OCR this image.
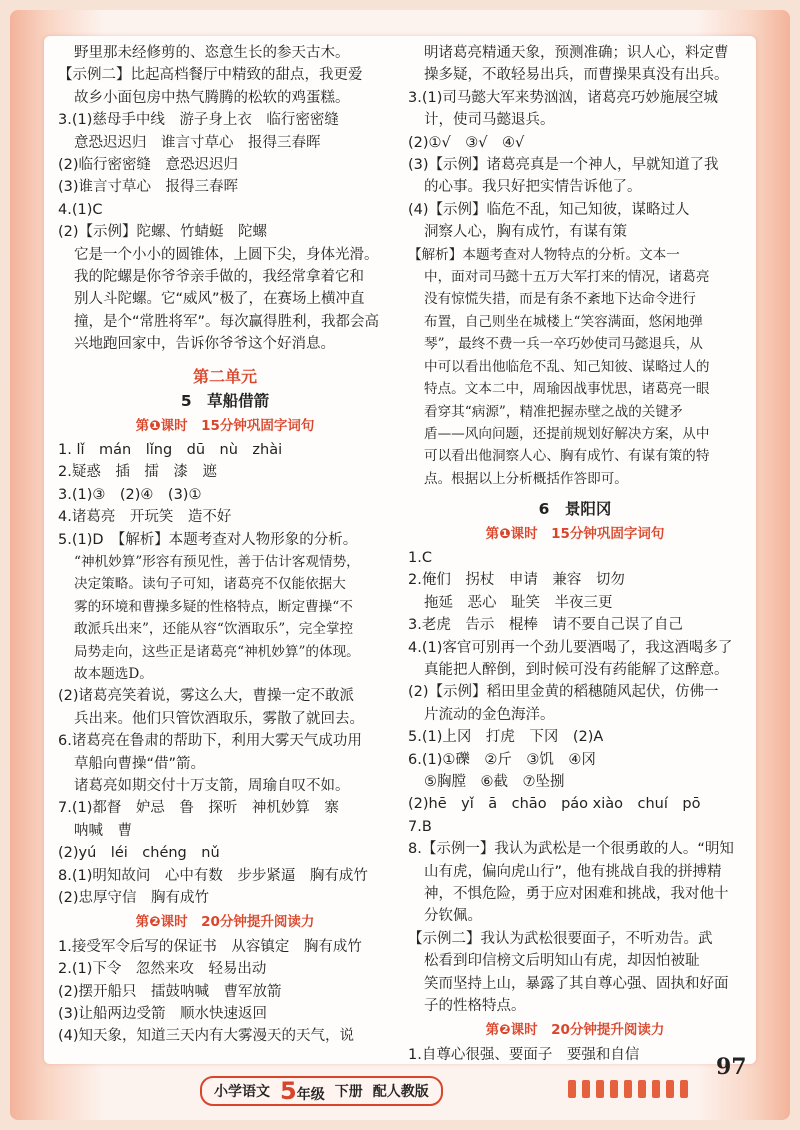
野里那未经修剪的、恣意生长的参天古木。

【示例二】比起高档餐厅中精致的甜点，我更爱

故乡小面包房中热气腾腾的松软的鸡蛋糕。

3.(1)慈母手中线　游子身上衣　临行密密缝

意恐迟迟归　谁言寸草心　报得三春晖

(2)临行密密缝　意恐迟迟归

(3)谁言寸草心　报得三春晖

4.(1)C

(2)【示例】陀螺、竹蜻蜓　陀螺

它是一个小小的圆锥体，上圆下尖，身体光滑。

我的陀螺是你爷爷亲手做的，我经常拿着它和

别人斗陀螺。它“威风”极了，在赛场上横冲直

撞，是个“常胜将军”。每次赢得胜利，我都会高

兴地跑回家中，告诉你爷爷这个好消息。

第二单元
5　草船借箭
第❶课时　15分钟巩固字词句

1. lǐ　mán　lǐng　dū　nù　zhài

2.疑惑　插　擂　漆　遮

3.(1)③　(2)④　(3)①

4.诸葛亮　开玩笑　造不好

5.(1)D　【解析】本题考查对人物形象的分析。

“神机妙算”形容有预见性，善于估计客观情势，

决定策略。读句子可知，诸葛亮不仅能依据大

雾的环境和曹操多疑的性格特点，断定曹操“不

敢派兵出来”，还能从容“饮酒取乐”，完全掌控

局势走向，这些正是诸葛亮“神机妙算”的体现。

故本题选D。

(2)诸葛亮笑着说，雾这么大，曹操一定不敢派

兵出来。他们只管饮酒取乐，雾散了就回去。

6.诸葛亮在鲁肃的帮助下，利用大雾天气成功用

草船向曹操“借”箭。

诸葛亮如期交付十万支箭，周瑜自叹不如。

7.(1)都督　妒忌　鲁　探听　神机妙算　寨

呐喊　曹

(2)yú　léi　chéng　nǔ

8.(1)明知故问　心中有数　步步紧逼　胸有成竹

(2)忠厚守信　胸有成竹

第❷课时　20分钟提升阅读力

1.接受军令后写的保证书　从容镇定　胸有成竹

2.(1)下令　忽然来攻　轻易出动

(2)摆开船只　擂鼓呐喊　曹军放箭

(3)让船两边受箭　顺水快速返回

(4)知天象，知道三天内有大雾漫天的天气，说

明诸葛亮精通天象，预测准确；识人心，料定曹

操多疑，不敢轻易出兵，而曹操果真没有出兵。

3.(1)司马懿大军来势汹汹，诸葛亮巧妙施展空城

计，使司马懿退兵。

(2)①√　③√　④√

(3)【示例】诸葛亮真是一个神人，早就知道了我

的心事。我只好把实情告诉他了。

(4)【示例】临危不乱，知己知彼，谋略过人

洞察人心，胸有成竹，有谋有策

【解析】本题考查对人物特点的分析。文本一

中，面对司马懿十五万大军打来的情况，诸葛亮

没有惊慌失措，而是有条不紊地下达命令进行

布置，自己则坐在城楼上“笑容满面，悠闲地弹

琴”，最终不费一兵一卒巧妙使司马懿退兵，从

中可以看出他临危不乱、知己知彼、谋略过人的

特点。文本二中，周瑜因战事忧思，诸葛亮一眼

看穿其“病源”，精准把握赤壁之战的关键矛

盾——风向问题，还提前规划好解决方案，从中

可以看出他洞察人心、胸有成竹、有谋有策的特

点。根据以上分析概括作答即可。

6　景阳冈
第❶课时　15分钟巩固字词句

1.C

2.俺们　拐杖　申请　兼容　切勿

拖延　恶心　耻笑　半夜三更

3.老虎　告示　棍棒　请不要自己误了自己

4.(1)客官可别再一个劲儿要酒喝了，我这酒喝多了

真能把人醉倒，到时候可没有药能解了这醉意。

(2)【示例】稻田里金黄的稻穗随风起伏，仿佛一

片流动的金色海洋。

5.(1)上冈　打虎　下冈　(2)A

6.(1)①礫　②斤　③饥　④冈

⑤胸膛　⑥截　⑦坠捌

(2)hē　yǐ　ā　chāo　páo xiào　chuí　pō

7.B

8.【示例一】我认为武松是一个很勇敢的人。“明知

山有虎，偏向虎山行”，他有挑战自我的拼搏精

神，不惧危险，勇于应对困难和挑战，我对他十

分钦佩。

【示例二】我认为武松很要面子，不听劝告。武

松看到印信榜文后明知山有虎，却因怕被耻

笑而坚持上山，暴露了其自尊心强、固执和好面

子的性格特点。

第❷课时　20分钟提升阅读力

1.自尊心很强、要面子　要强和自信

小学语文 5年级 下册 配人教版
97
